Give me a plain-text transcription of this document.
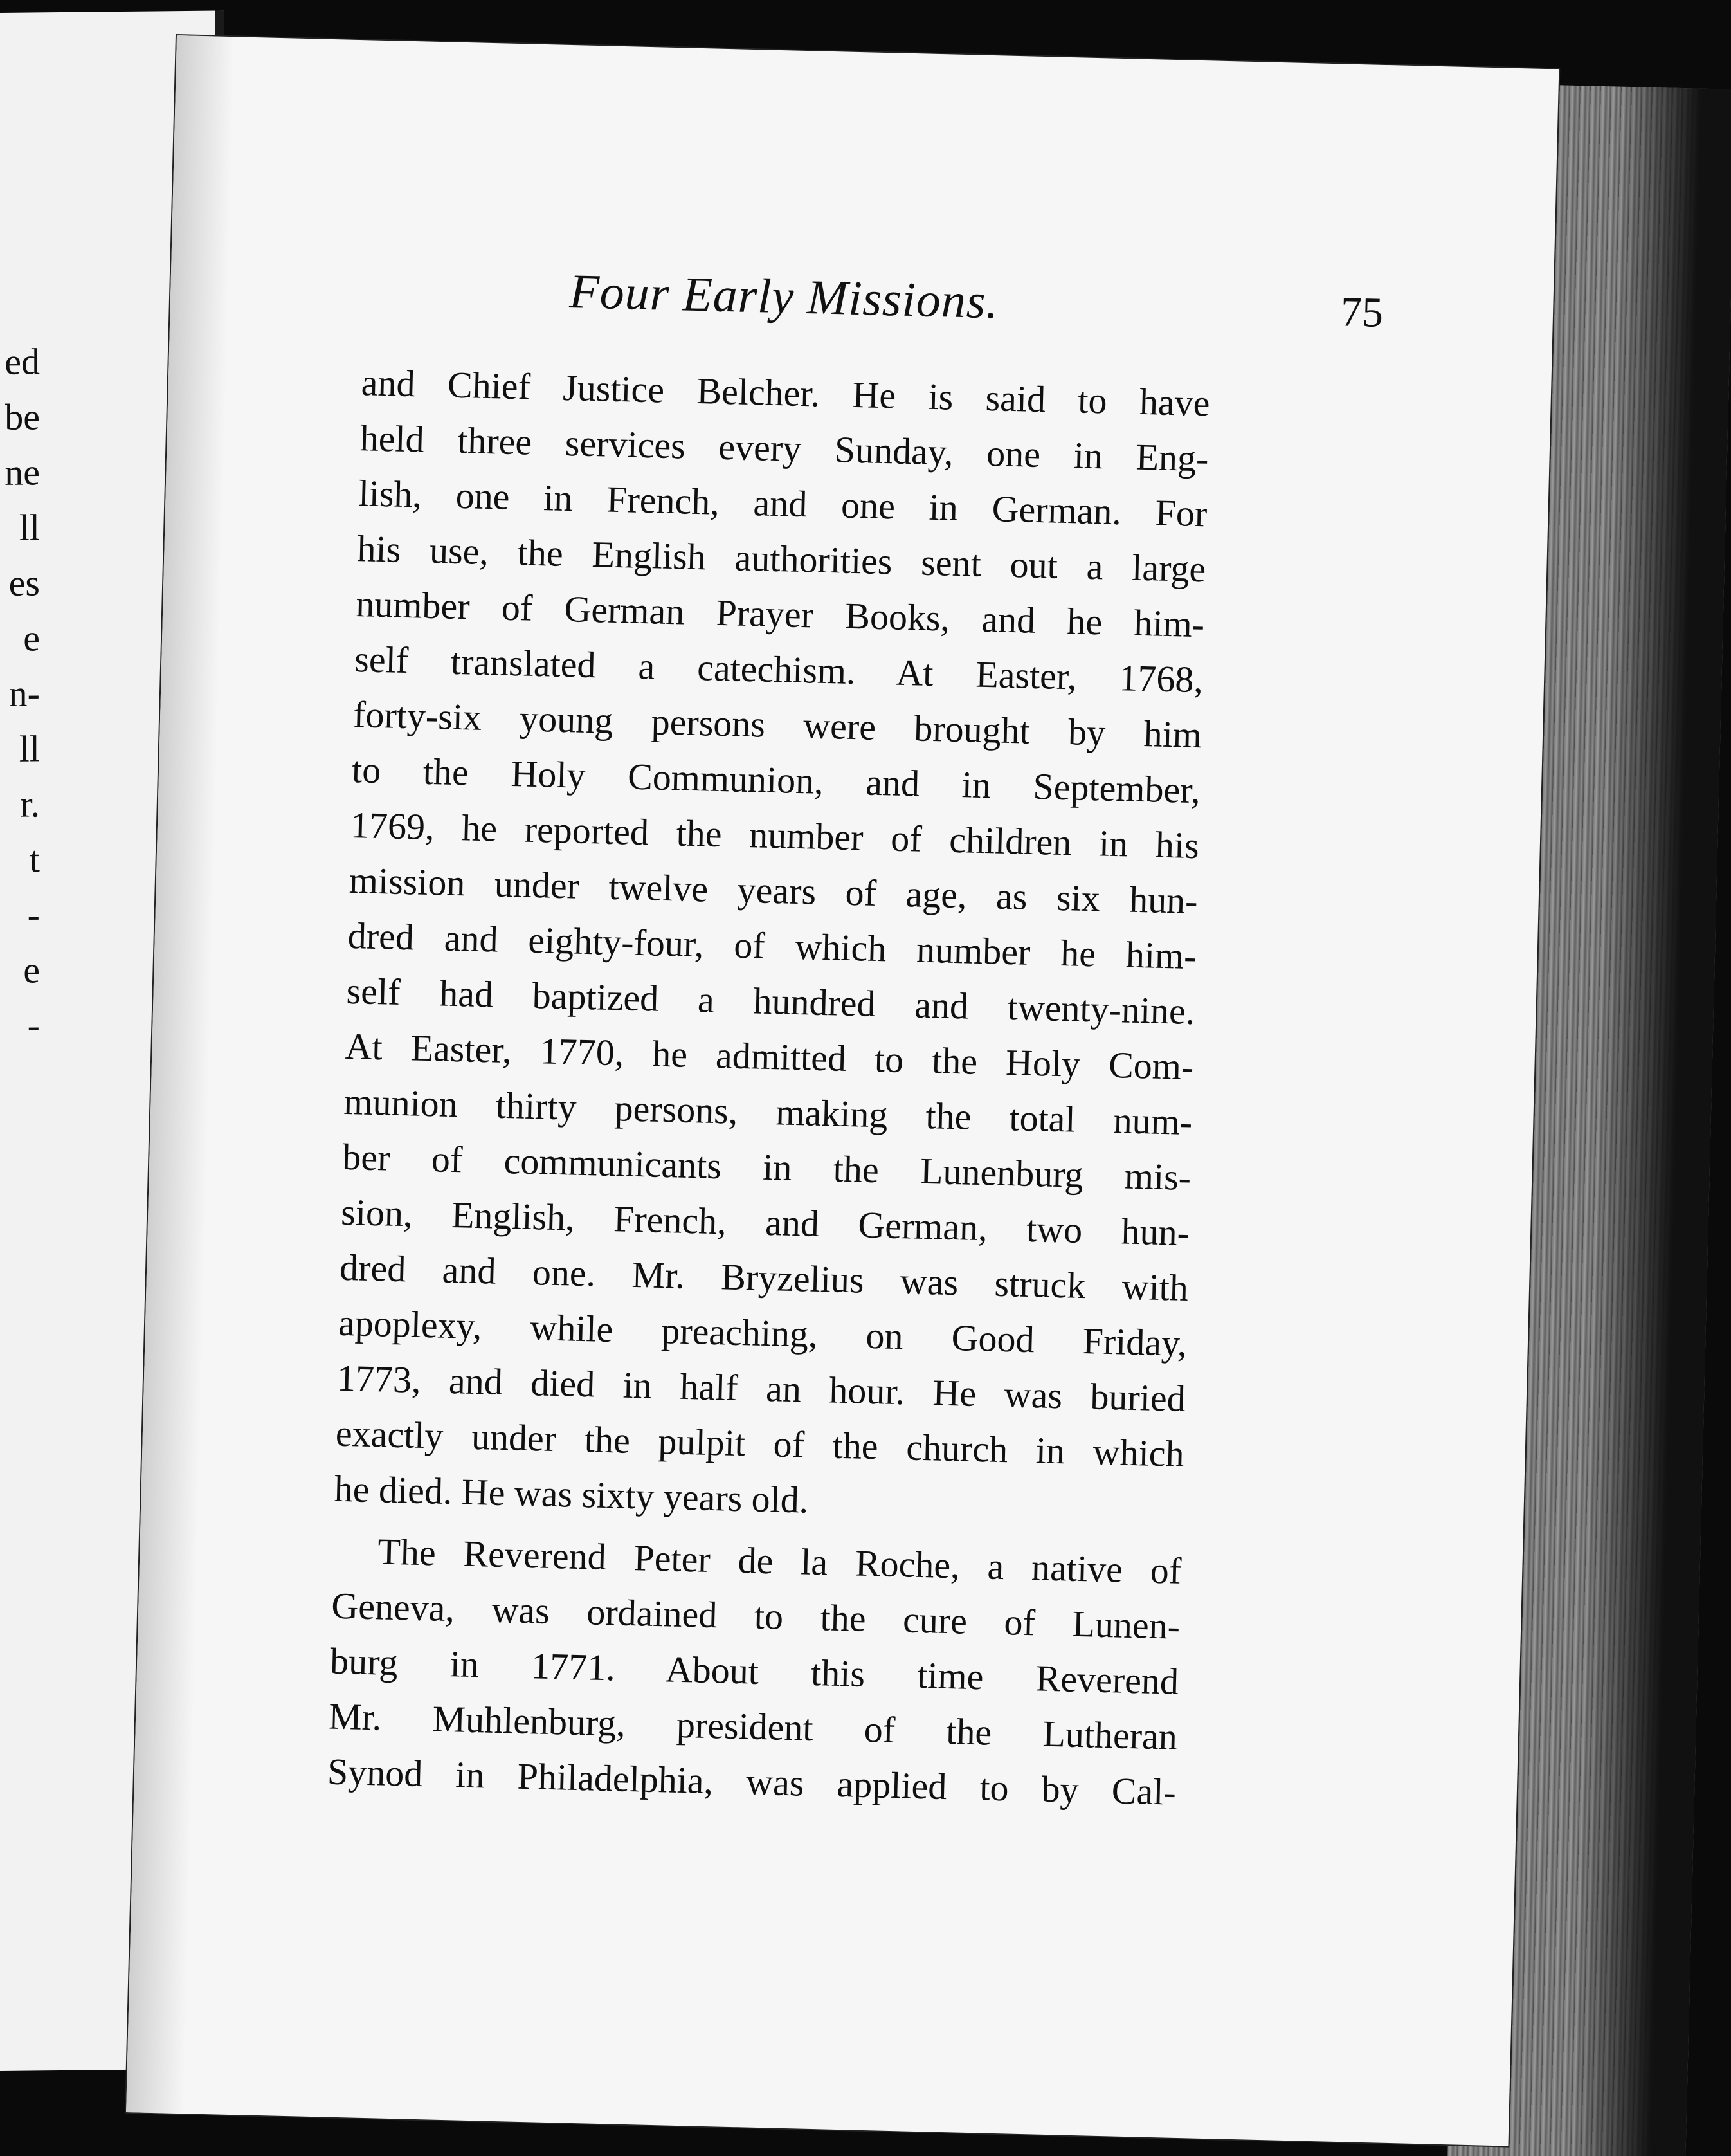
ed
be
ne
ll
es
e
n-
ll
r.
t
-
e
-
Four Early Missions.	75
and Chief Justice Belcher. He is said to have
held three services every Sunday, one in Eng-
lish, one in French, and one in German. For
his use, the English authorities sent out a large
number of German Prayer Books, and he him-
self translated a catechism. At Easter, 1768,
forty-six young persons were brought by him
to the Holy Communion, and in September,
1769, he reported the number of children in his
mission under twelve years of age, as six hun-
dred and eighty-four, of which number he him-
self had baptized a hundred and twenty-nine.
At Easter, 1770, he admitted to the Holy Com-
munion thirty persons, making the total num-
ber of communicants in the Lunenburg mis-
sion, English, French, and German, two hun-
dred and one. Mr. Bryzelius was struck with
apoplexy, while preaching, on Good Friday,
1773, and died in half an hour. He was buried
exactly under the pulpit of the church in which
he died. He was sixty years old.
The Reverend Peter de la Roche, a native of
Geneva, was ordained to the cure of Lunen-
burg in 1771. About this time Reverend
Mr. Muhlenburg, president of the Lutheran
Synod in Philadelphia, was applied to by Cal-
